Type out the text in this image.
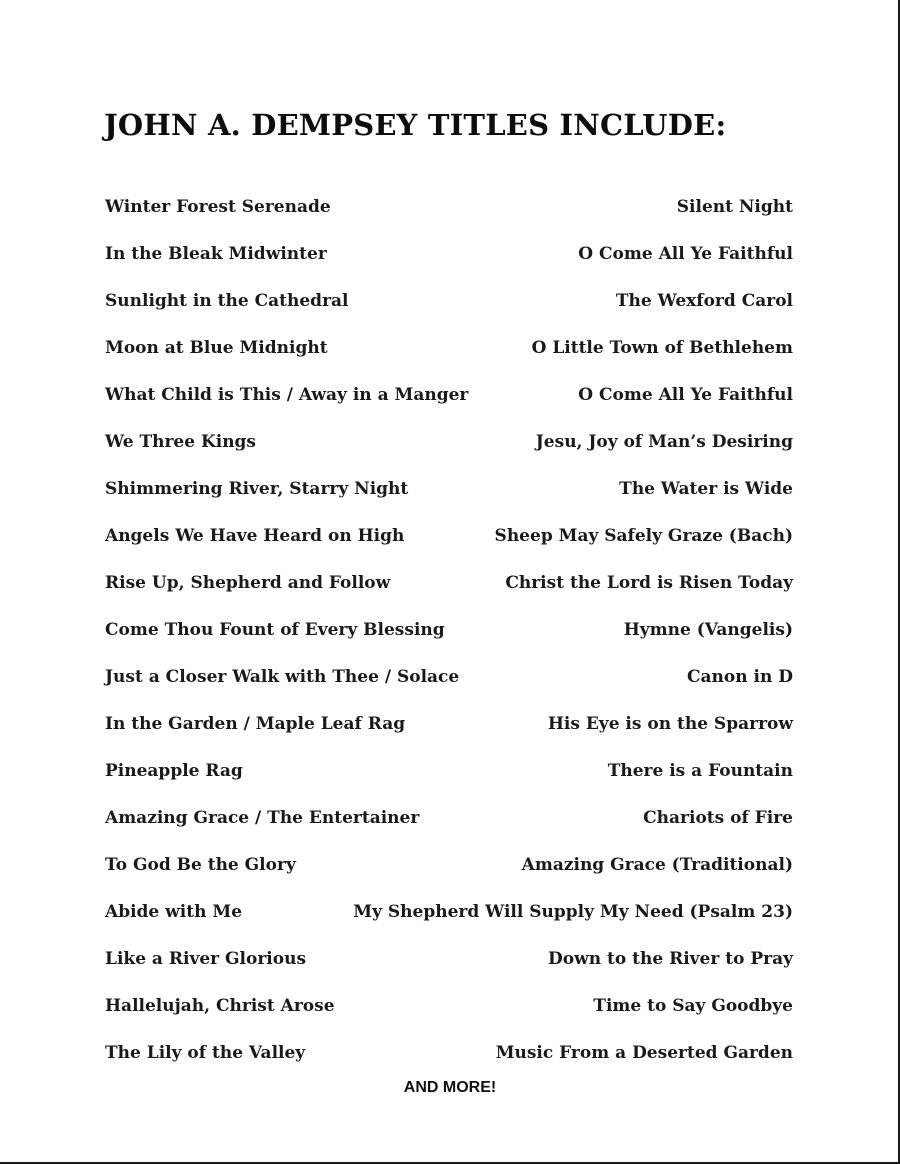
JOHN A. DEMPSEY TITLES INCLUDE:
Winter Forest Serenade	Silent Night
In the Bleak Midwinter	O Come All Ye Faithful
Sunlight in the Cathedral	The Wexford Carol
Moon at Blue Midnight	O Little Town of Bethlehem
What Child is This / Away in a Manger	O Come All Ye Faithful
We Three Kings	Jesu, Joy of Man’s Desiring
Shimmering River, Starry Night	The Water is Wide
Angels We Have Heard on High	Sheep May Safely Graze (Bach)
Rise Up, Shepherd and Follow	Christ the Lord is Risen Today
Come Thou Fount of Every Blessing	Hymne (Vangelis)
Just a Closer Walk with Thee / Solace	Canon in D
In the Garden / Maple Leaf Rag	His Eye is on the Sparrow
Pineapple Rag	There is a Fountain
Amazing Grace / The Entertainer	Chariots of Fire
To God Be the Glory	Amazing Grace (Traditional)
Abide with Me	My Shepherd Will Supply My Need (Psalm 23)
Like a River Glorious	Down to the River to Pray
Hallelujah, Christ Arose	Time to Say Goodbye
The Lily of the Valley	Music From a Deserted Garden

AND MORE!
